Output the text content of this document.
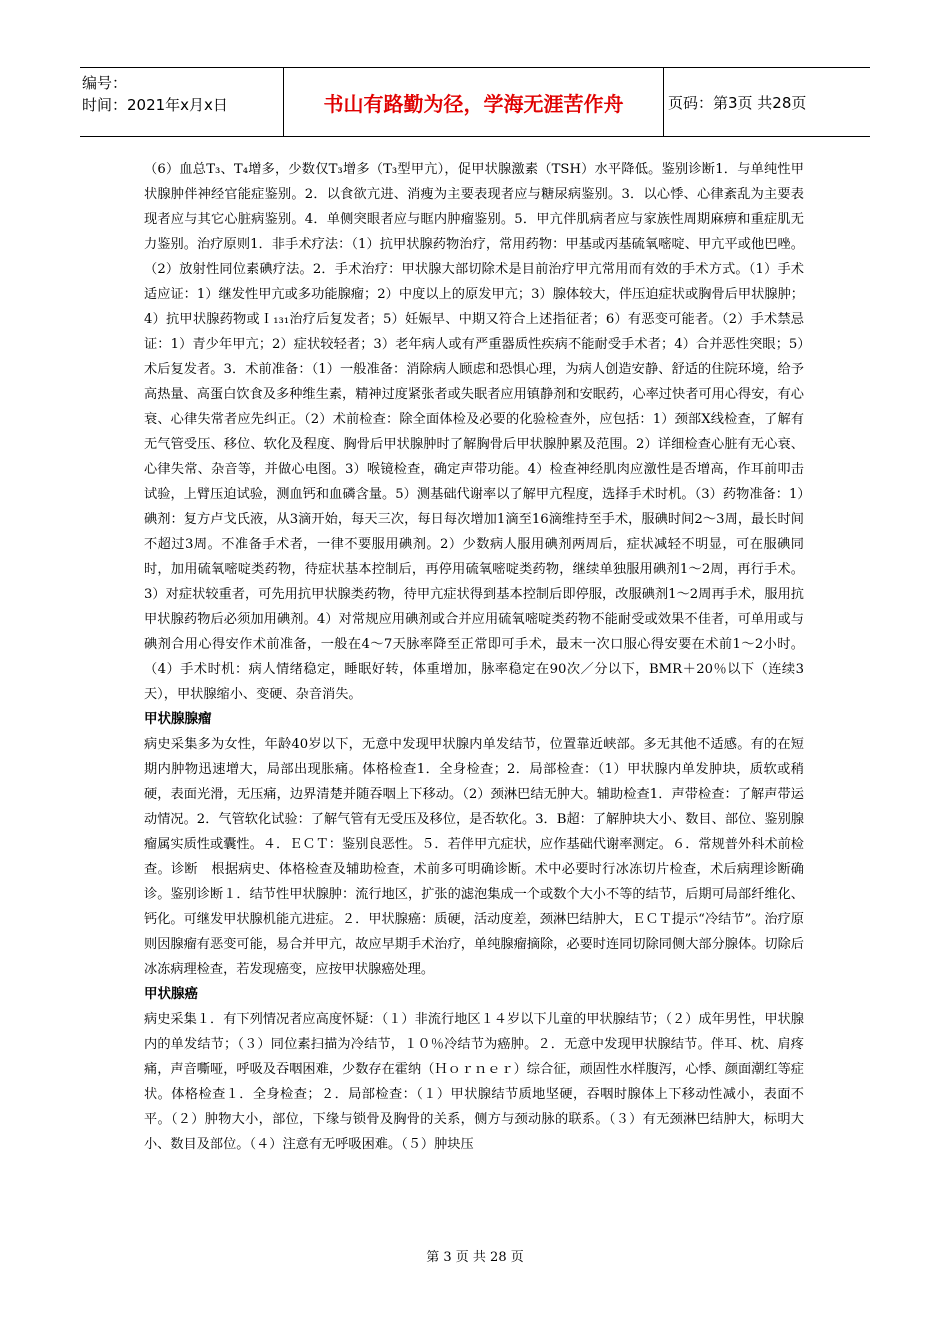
编号：
时间：2021年x月x日	书山有路勤为径，学海无涯苦作舟	页码：第3页 共28页

（6）血总T₃、T₄增多，少数仅T₃增多（T₃型甲亢），促甲状腺激素（TSH）水平降低。鉴别诊断1．与单纯性甲状腺肿伴神经官能症鉴别。2．以食欲亢进、消瘦为主要表现者应与糖尿病鉴别。3．以心悸、心律紊乱为主要表现者应与其它心脏病鉴别。4．单侧突眼者应与眶内肿瘤鉴别。5．甲亢伴肌病者应与家族性周期麻痹和重症肌无力鉴别。治疗原则1．非手术疗法：（1）抗甲状腺药物治疗，常用药物：甲基或丙基硫氧嘧啶、甲亢平或他巴唑。（2）放射性同位素碘疗法。2．手术治疗：甲状腺大部切除术是目前治疗甲亢常用而有效的手术方式。（1）手术适应证：1）继发性甲亢或多功能腺瘤；2）中度以上的原发甲亢；3）腺体较大，伴压迫症状或胸骨后甲状腺肿；4）抗甲状腺药物或Ｉ₁₃₁治疗后复发者；5）妊娠早、中期又符合上述指征者；6）有恶变可能者。（2）手术禁忌证：1）青少年甲亢；2）症状较轻者；3）老年病人或有严重器质性疾病不能耐受手术者；4）合并恶性突眼；5）术后复发者。3．术前准备：（1）一般准备：消除病人顾虑和恐惧心理，为病人创造安静、舒适的住院环境，给予高热量、高蛋白饮食及多种维生素，精神过度紧张者或失眠者应用镇静剂和安眠药，心率过快者可用心得安，有心衰、心律失常者应先纠正。（2）术前检查：除全面体检及必要的化验检查外，应包括：1）颈部X线检查，了解有无气管受压、移位、软化及程度、胸骨后甲状腺肿时了解胸骨后甲状腺肿累及范围。2）详细检查心脏有无心衰、心律失常、杂音等，并做心电图。3）喉镜检查，确定声带功能。4）检查神经肌肉应激性是否增高，作耳前叩击试验，上臂压迫试验，测血钙和血磷含量。5）测基础代谢率以了解甲亢程度，选择手术时机。（3）药物准备：1）碘剂：复方卢戈氏液，从3滴开始，每天三次，每日每次增加1滴至16滴维持至手术，服碘时间2～3周，最长时间不超过3周。不准备手术者，一律不要服用碘剂。2）少数病人服用碘剂两周后，症状减轻不明显，可在服碘同时，加用硫氧嘧啶类药物，待症状基本控制后，再停用硫氧嘧啶类药物，继续单独服用碘剂1～2周，再行手术。3）对症状较重者，可先用抗甲状腺类药物，待甲亢症状得到基本控制后即停服，改服碘剂1～2周再手术，服用抗甲状腺药物后必须加用碘剂。4）对常规应用碘剂或合并应用硫氧嘧啶类药物不能耐受或效果不佳者，可单用或与碘剂合用心得安作术前准备，一般在4～7天脉率降至正常即可手术，最末一次口服心得安要在术前1～2小时。（4）手术时机：病人情绪稳定，睡眠好转，体重增加，脉率稳定在90次／分以下，BMR＋20％以下（连续3天），甲状腺缩小、变硬、杂音消失。

甲状腺腺瘤

病史采集多为女性，年龄40岁以下，无意中发现甲状腺内单发结节，位置靠近峡部。多无其他不适感。有的在短期内肿物迅速增大，局部出现胀痛。体格检查1．全身检查；2．局部检查：（1）甲状腺内单发肿块，质软或稍硬，表面光滑，无压痛，边界清楚并随吞咽上下移动。（2）颈淋巴结无肿大。辅助检查1．声带检查：了解声带运动情况。2．气管软化试验：了解气管有无受压及移位，是否软化。3．B超：了解肿块大小、数目、部位、鉴别腺瘤属实质性或囊性。４．ＥＣＴ：鉴别良恶性。５．若伴甲亢症状，应作基础代谢率测定。６．常规普外科术前检查。诊断　根据病史、体格检查及辅助检查，术前多可明确诊断。术中必要时行冰冻切片检查，术后病理诊断确诊。鉴别诊断１．结节性甲状腺肿：流行地区，扩张的滤泡集成一个或数个大小不等的结节，后期可局部纤维化、钙化。可继发甲状腺机能亢进症。２．甲状腺癌：质硬，活动度差，颈淋巴结肿大，ＥＣＴ提示“冷结节”。治疗原则因腺瘤有恶变可能，易合并甲亢，故应早期手术治疗，单纯腺瘤摘除，必要时连同切除同侧大部分腺体。切除后冰冻病理检查，若发现癌变，应按甲状腺癌处理。

甲状腺癌

病史采集１．有下列情况者应高度怀疑：（１）非流行地区１４岁以下儿童的甲状腺结节；（２）成年男性，甲状腺内的单发结节；（３）同位素扫描为冷结节，１０％冷结节为癌肿。２．无意中发现甲状腺结节。伴耳、枕、肩疼痛，声音嘶哑，呼吸及吞咽困难，少数存在霍纳（Ｈｏｒｎｅｒ）综合征，顽固性水样腹泻，心悸、颜面潮红等症状。体格检查１．全身检查；２．局部检查：（１）甲状腺结节质地坚硬，吞咽时腺体上下移动性减小，表面不平。（２）肿物大小，部位，下缘与锁骨及胸骨的关系，侧方与颈动脉的联系。（３）有无颈淋巴结肿大，标明大小、数目及部位。（４）注意有无呼吸困难。（５）肿块压

第 3 页 共 28 页
